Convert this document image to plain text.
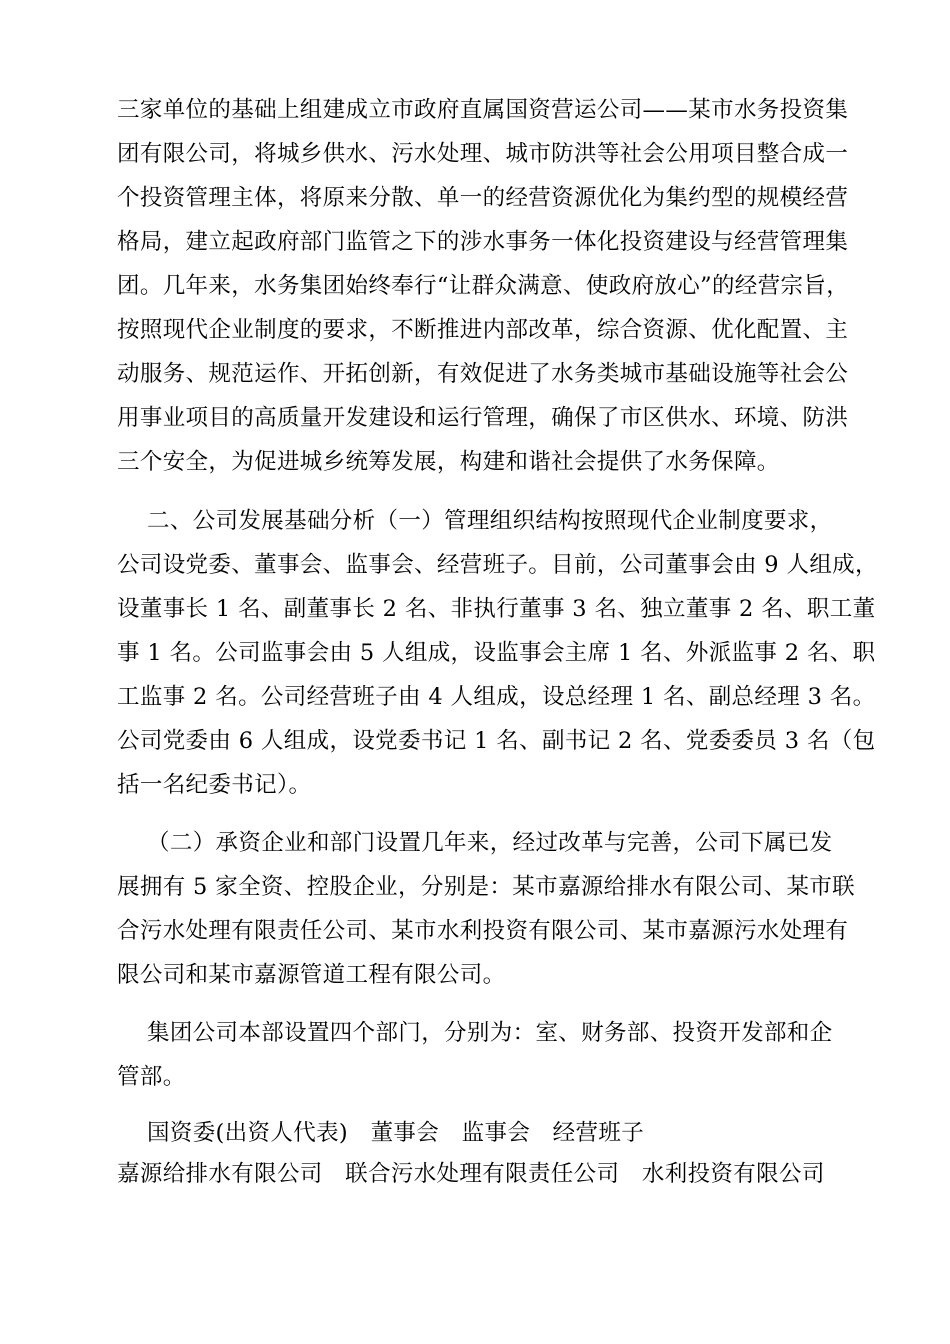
三家单位的基础上组建成立市政府直属国资营运公司——某市水务投资集
团有限公司，将城乡供水、污水处理、城市防洪等社会公用项目整合成一
个投资管理主体，将原来分散、单一的经营资源优化为集约型的规模经营
格局，建立起政府部门监管之下的涉水事务一体化投资建设与经营管理集
团。几年来，水务集团始终奉行“让群众满意、使政府放心”的经营宗旨，
按照现代企业制度的要求，不断推进内部改革，综合资源、优化配置、主
动服务、规范运作、开拓创新，有效促进了水务类城市基础设施等社会公
用事业项目的高质量开发建设和运行管理，确保了市区供水、环境、防洪
三个安全，为促进城乡统筹发展，构建和谐社会提供了水务保障。
二、公司发展基础分析（一）管理组织结构按照现代企业制度要求，
公司设党委、董事会、监事会、经营班子。目前，公司董事会由 9 人组成，
设董事长 1 名、副董事长 2 名、非执行董事 3 名、独立董事 2 名、职工董
事 1 名。公司监事会由 5 人组成，设监事会主席 1 名、外派监事 2 名、职
工监事 2 名。公司经营班子由 4 人组成，设总经理 1 名、副总经理 3 名。
公司党委由 6 人组成，设党委书记 1 名、副书记 2 名、党委委员 3 名（包
括一名纪委书记）。
（二）承资企业和部门设置几年来，经过改革与完善，公司下属已发
展拥有 5 家全资、控股企业，分别是：某市嘉源给排水有限公司、某市联
合污水处理有限责任公司、某市水利投资有限公司、某市嘉源污水处理有
限公司和某市嘉源管道工程有限公司。
集团公司本部设置四个部门，分别为：室、财务部、投资开发部和企
管部。
国资委(出资人代表)   董事会   监事会   经营班子
嘉源给排水有限公司   联合污水处理有限责任公司   水利投资有限公司
